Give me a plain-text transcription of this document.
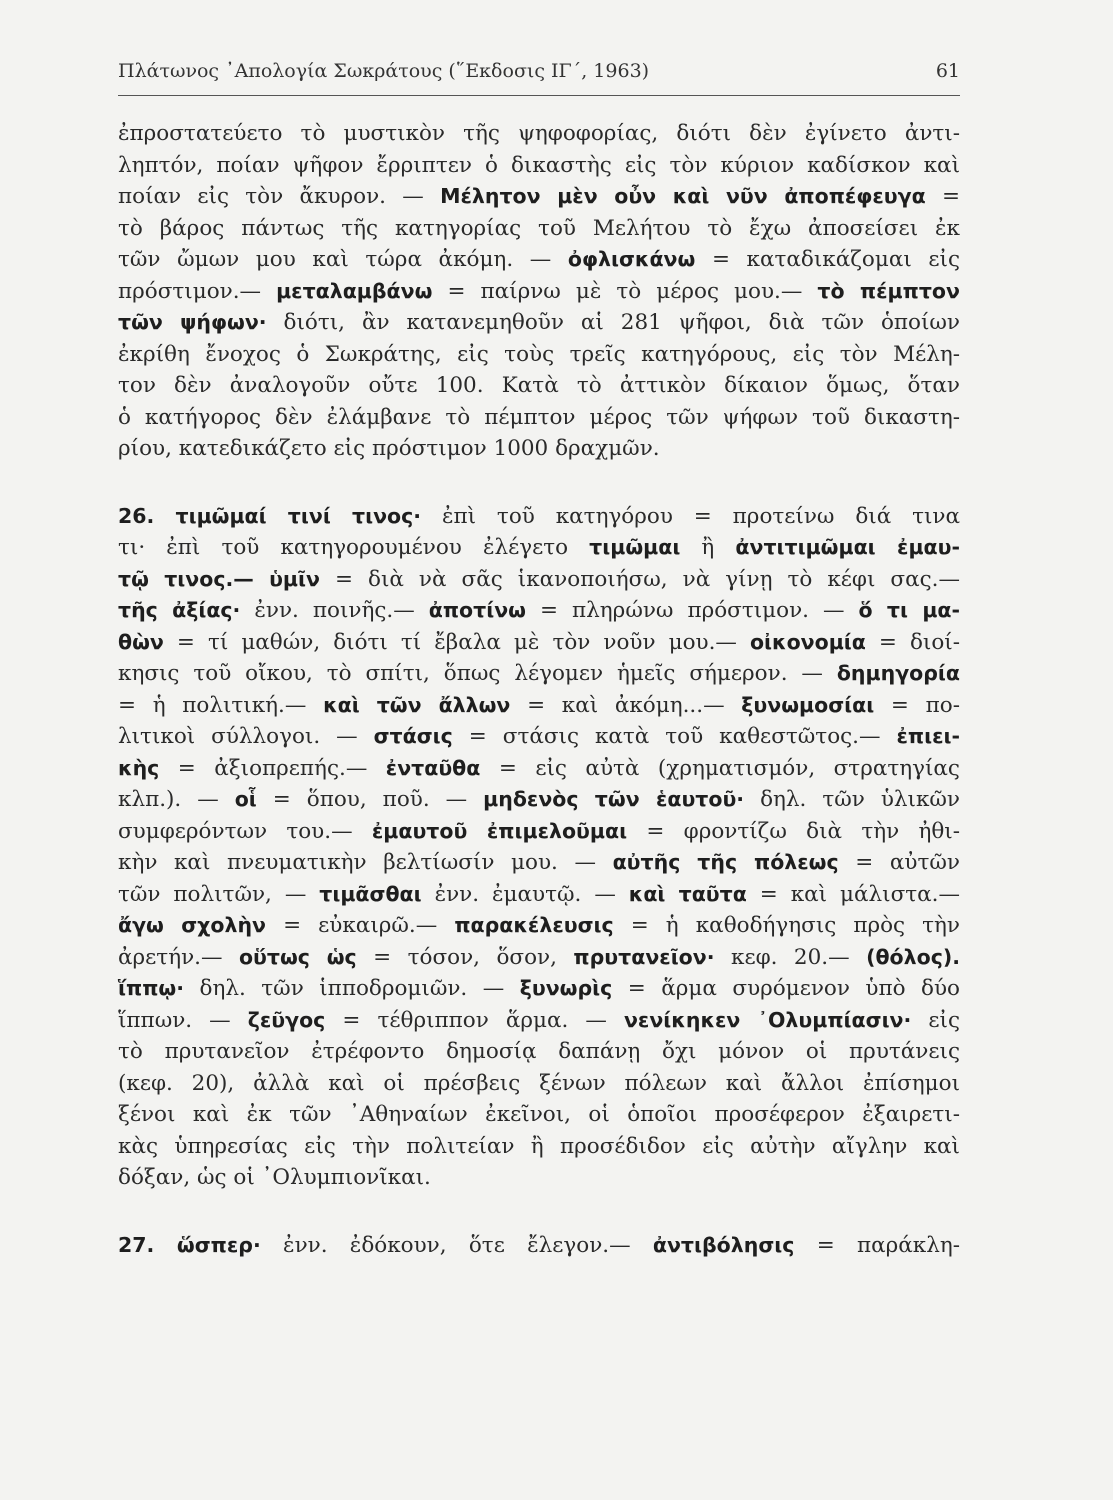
Πλάτωνος ᾿Απολογία Σωκράτους (῞Εκδοσις ΙΓ΄, 1963)	61
ἐπροστατεύετο τὸ μυστικὸν τῆς ψηφοφορίας, διότι δὲν ἐγίνετο ἀντι-
ληπτόν, ποίαν ψῆφον ἔρριπτεν ὁ δικαστὴς εἰς τὸν κύριον καδίσκον καὶ
ποίαν εἰς τὸν ἄκυρον. — Μέλητον μὲν οὖν καὶ νῦν ἀποπέφευγα =
τὸ βάρος πάντως τῆς κατηγορίας τοῦ Μελήτου τὸ ἔχω ἀποσείσει ἐκ
τῶν ὤμων μου καὶ τώρα ἀκόμη. — ὀφλισκάνω = καταδικάζομαι εἰς
πρόστιμον.— μεταλαμβάνω = παίρνω μὲ τὸ μέρος μου.— τὸ πέμπτον
τῶν ψήφων· διότι, ἂν κατανεμηθοῦν αἱ 281 ψῆφοι, διὰ τῶν ὁποίων
ἐκρίθη ἔνοχος ὁ Σωκράτης, εἰς τοὺς τρεῖς κατηγόρους, εἰς τὸν Μέλη-
τον δὲν ἀναλογοῦν οὔτε 100. Κατὰ τὸ ἀττικὸν δίκαιον ὅμως, ὅταν
ὁ κατήγορος δὲν ἐλάμβανε τὸ πέμπτον μέρος τῶν ψήφων τοῦ δικαστη-
ρίου, κατεδικάζετο εἰς πρόστιμον 1000 δραχμῶν.
26. τιμῶμαί τινί τινος· ἐπὶ τοῦ κατηγόρου = προτείνω διά τινα
τι· ἐπὶ τοῦ κατηγορουμένου ἐλέγετο τιμῶμαι ἢ ἀντιτιμῶμαι ἐμαυ-
τῷ τινος.— ὑμῖν = διὰ νὰ σᾶς ἱκανοποιήσω, νὰ γίνῃ τὸ κέφι σας.—
τῆς ἀξίας· ἐνν. ποινῆς.— ἀποτίνω = πληρώνω πρόστιμον. — ὅ τι μα-
θὼν = τί μαθών, διότι τί ἔβαλα μὲ τὸν νοῦν μου.— οἰκονομία = διοί-
κησις τοῦ οἴκου, τὸ σπίτι, ὅπως λέγομεν ἡμεῖς σήμερον. — δημηγορία
= ἡ πολιτική.— καὶ τῶν ἄλλων = καὶ ἀκόμη...— ξυνωμοσίαι = πο-
λιτικοὶ σύλλογοι. — στάσις = στάσις κατὰ τοῦ καθεστῶτος.— ἐπιει-
κὴς = ἀξιοπρεπής.— ἐνταῦθα = εἰς αὐτὰ (χρηματισμόν, στρατηγίας
κλπ.). — οἷ = ὅπου, ποῦ. — μηδενὸς τῶν ἑαυτοῦ· δηλ. τῶν ὑλικῶν
συμφερόντων του.— ἐμαυτοῦ ἐπιμελοῦμαι = φροντίζω διὰ τὴν ἠθι-
κὴν καὶ πνευματικὴν βελτίωσίν μου. — αὐτῆς τῆς πόλεως = αὐτῶν
τῶν πολιτῶν, — τιμᾶσθαι ἐνν. ἐμαυτῷ. — καὶ ταῦτα = καὶ μάλιστα.—
ἄγω σχολὴν = εὐκαιρῶ.— παρακέλευσις = ἡ καθοδήγησις πρὸς τὴν
ἀρετήν.— οὕτως ὡς = τόσον, ὅσον, πρυτανεῖον· κεφ. 20.— (θόλος).
ἵππῳ· δηλ. τῶν ἱπποδρομιῶν. — ξυνωρὶς = ἅρμα συρόμενον ὑπὸ δύο
ἵππων. — ζεῦγος = τέθριππον ἅρμα. — νενίκηκεν ᾿Ολυμπίασιν· εἰς
τὸ πρυτανεῖον ἐτρέφοντο δημοσίᾳ δαπάνῃ ὄχι μόνον οἱ πρυτάνεις
(κεφ. 20), ἀλλὰ καὶ οἱ πρέσβεις ξένων πόλεων καὶ ἄλλοι ἐπίσημοι
ξένοι καὶ ἐκ τῶν ᾿Αθηναίων ἐκεῖνοι, οἱ ὁποῖοι προσέφερον ἐξαιρετι-
κὰς ὑπηρεσίας εἰς τὴν πολιτείαν ἢ προσέδιδον εἰς αὐτὴν αἴγλην καὶ
δόξαν, ὡς οἱ ᾿Ολυμπιονῖκαι.
27. ὥσπερ· ἐνν. ἐδόκουν, ὅτε ἔλεγον.— ἀντιβόλησις = παράκλη-
